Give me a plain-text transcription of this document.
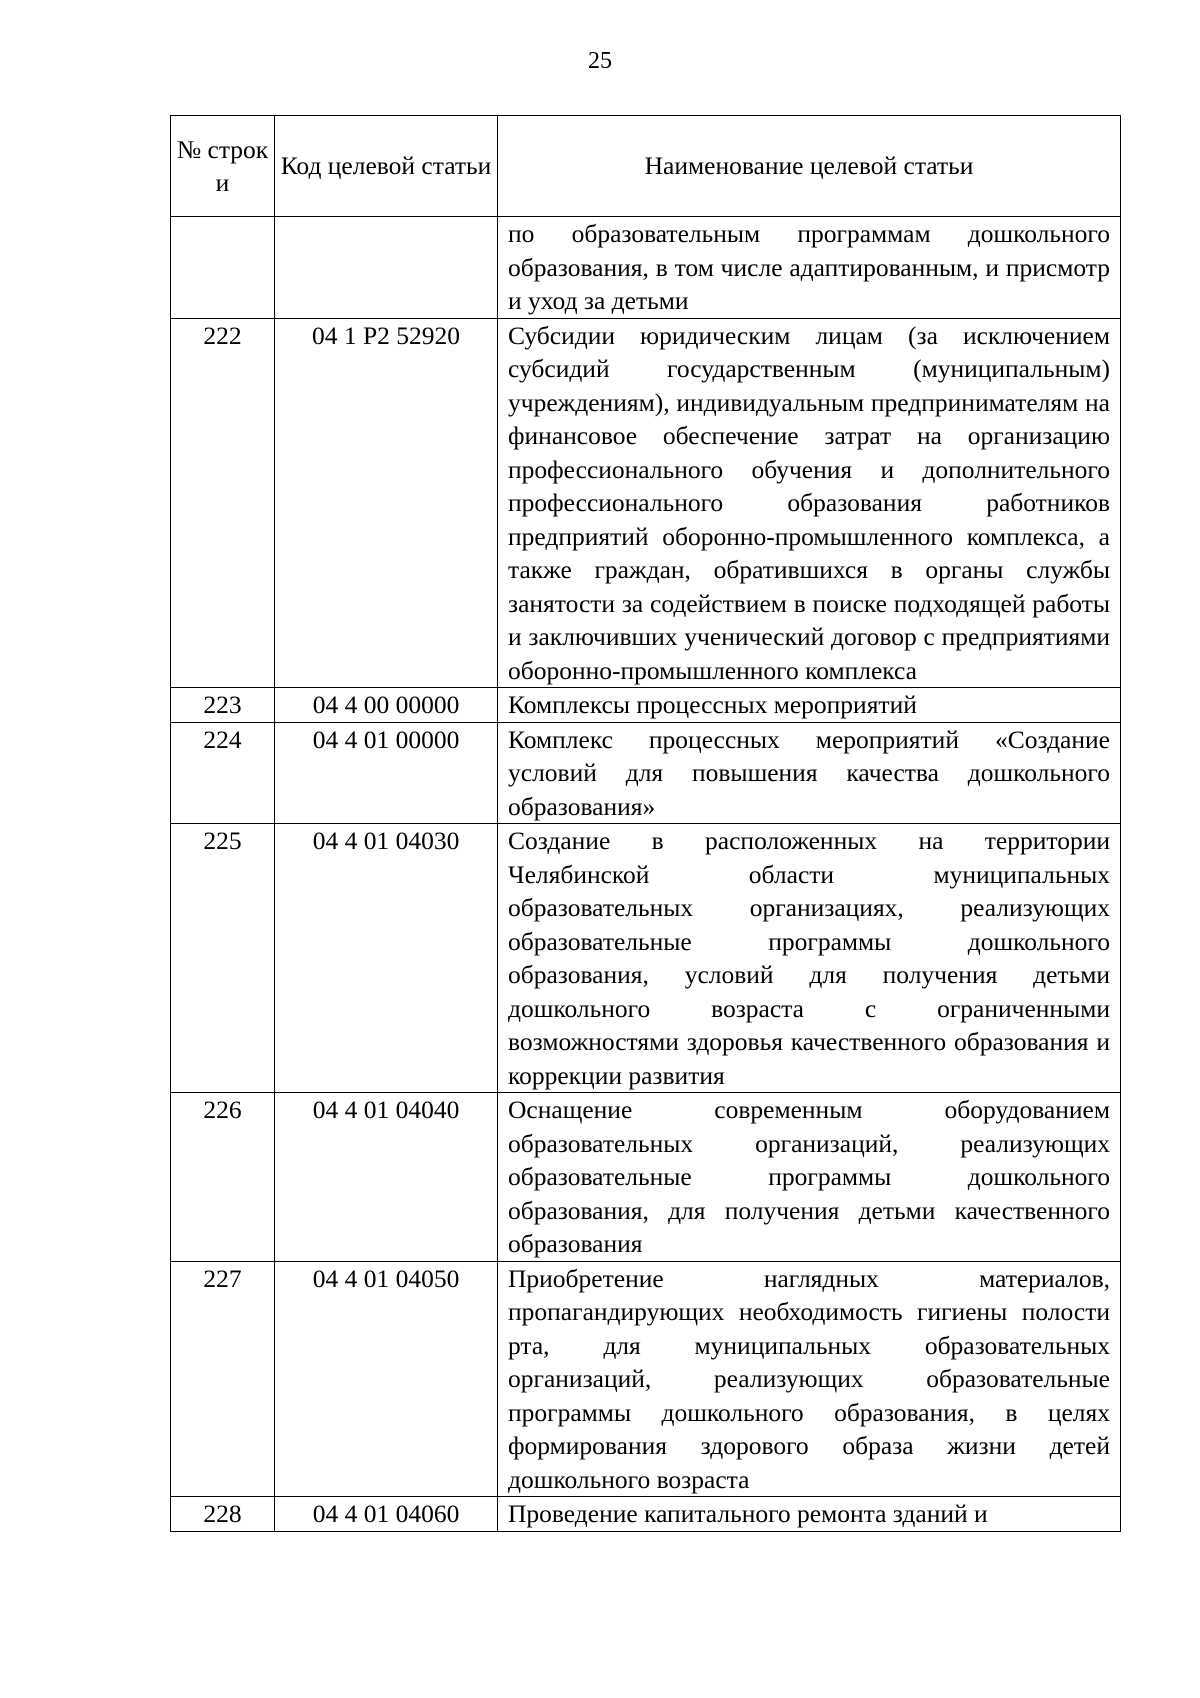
25
№ строк и	Код целевой статьи	Наименование целевой статьи
		по образовательным программам дошкольного образования, в том числе адаптированным, и присмотр и уход за детьми
222	04 1 Р2 52920	Субсидии юридическим лицам (за исключением субсидий государственным (муниципальным) учреждениям), индивидуальным предпринимателям на финансовое обеспечение затрат на организацию профессионального обучения и дополнительного профессионального образования работников предприятий оборонно-промышленного комплекса, а также граждан, обратившихся в органы службы занятости за содействием в поиске подходящей работы и заключивших ученический договор с предприятиями оборонно-промышленного комплекса
223	04 4 00 00000	Комплексы процессных мероприятий
224	04 4 01 00000	Комплекс процессных мероприятий «Создание условий для повышения качества дошкольного образования»
225	04 4 01 04030	Создание в расположенных на территории Челябинской области муниципальных образовательных организациях, реализующих образовательные программы дошкольного образования, условий для получения детьми дошкольного возраста с ограниченными возможностями здоровья качественного образования и коррекции развития
226	04 4 01 04040	Оснащение современным оборудованием образовательных организаций, реализующих образовательные программы дошкольного образования, для получения детьми качественного образования
227	04 4 01 04050	Приобретение наглядных материалов, пропагандирующих необходимость гигиены полости рта, для муниципальных образовательных организаций, реализующих образовательные программы дошкольного образования, в целях формирования здорового образа жизни детей дошкольного возраста
228	04 4 01 04060	Проведение капитального ремонта зданий и
